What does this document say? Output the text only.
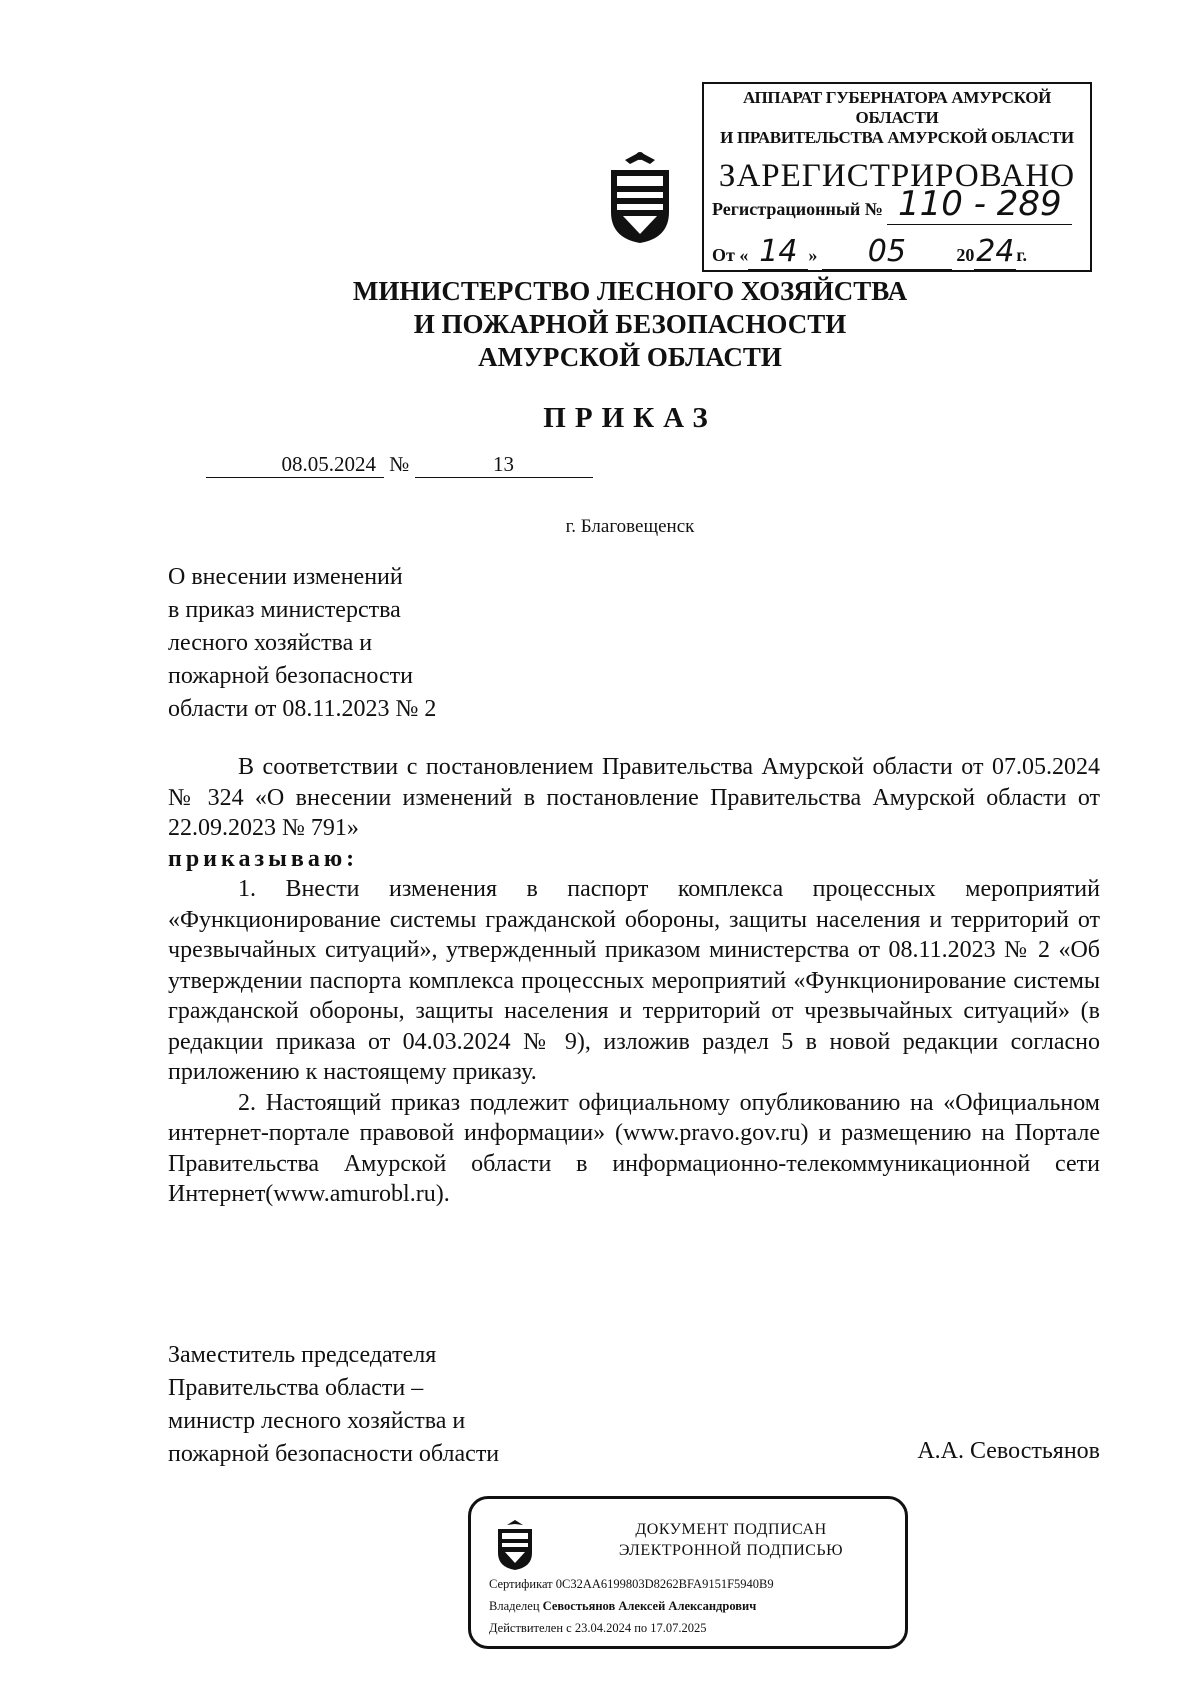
АППАРАТ ГУБЕРНАТОРА АМУРСКОЙ ОБЛАСТИ
И ПРАВИТЕЛЬСТВА АМУРСКОЙ ОБЛАСТИ
ЗАРЕГИСТРИРОВАНО
Регистрационный № 110 - 289
От « 14 » 05	2024 г.
МИНИСТЕРСТВО ЛЕСНОГО ХОЗЯЙСТВА
И ПОЖАРНОЙ БЕЗОПАСНОСТИ
АМУРСКОЙ ОБЛАСТИ
ПРИКАЗ
08.05.2024 №	13
г. Благовещенск
О внесении изменений
в приказ министерства
лесного хозяйства и
пожарной безопасности
области от 08.11.2023 № 2

В соответствии с постановлением Правительства Амурской области от 07.05.2024 № 324 «О внесении изменений в постановление Правительства Амурской области от 22.09.2023 № 791»

приказываю:

1. Внести изменения в паспорт комплекса процессных мероприятий «Функционирование системы гражданской обороны, защиты населения и территорий от чрезвычайных ситуаций», утвержденный приказом министерства от 08.11.2023 № 2 «Об утверждении паспорта комплекса процессных мероприятий «Функционирование системы гражданской обороны, защиты населения и территорий от чрезвычайных ситуаций» (в редакции приказа от 04.03.2024 № 9), изложив раздел 5 в новой редакции согласно приложению к настоящему приказу.

2. Настоящий приказ подлежит официальному опубликованию на «Официальном интернет-портале правовой информации» (www.pravo.gov.ru) и размещению на Портале Правительства Амурской области в информационно-телекоммуникационной сети Интернет(www.amurobl.ru).

Заместитель председателя
Правительства области –
министр лесного хозяйства и
пожарной безопасности области	А.А. Севостьянов
ДОКУМЕНТ ПОДПИСАН
ЭЛЕКТРОННОЙ ПОДПИСЬЮ
Сертификат 0C32AA6199803D8262BFA9151F5940B9
Владелец Севостьянов Алексей Александрович
Действителен с 23.04.2024 по 17.07.2025
